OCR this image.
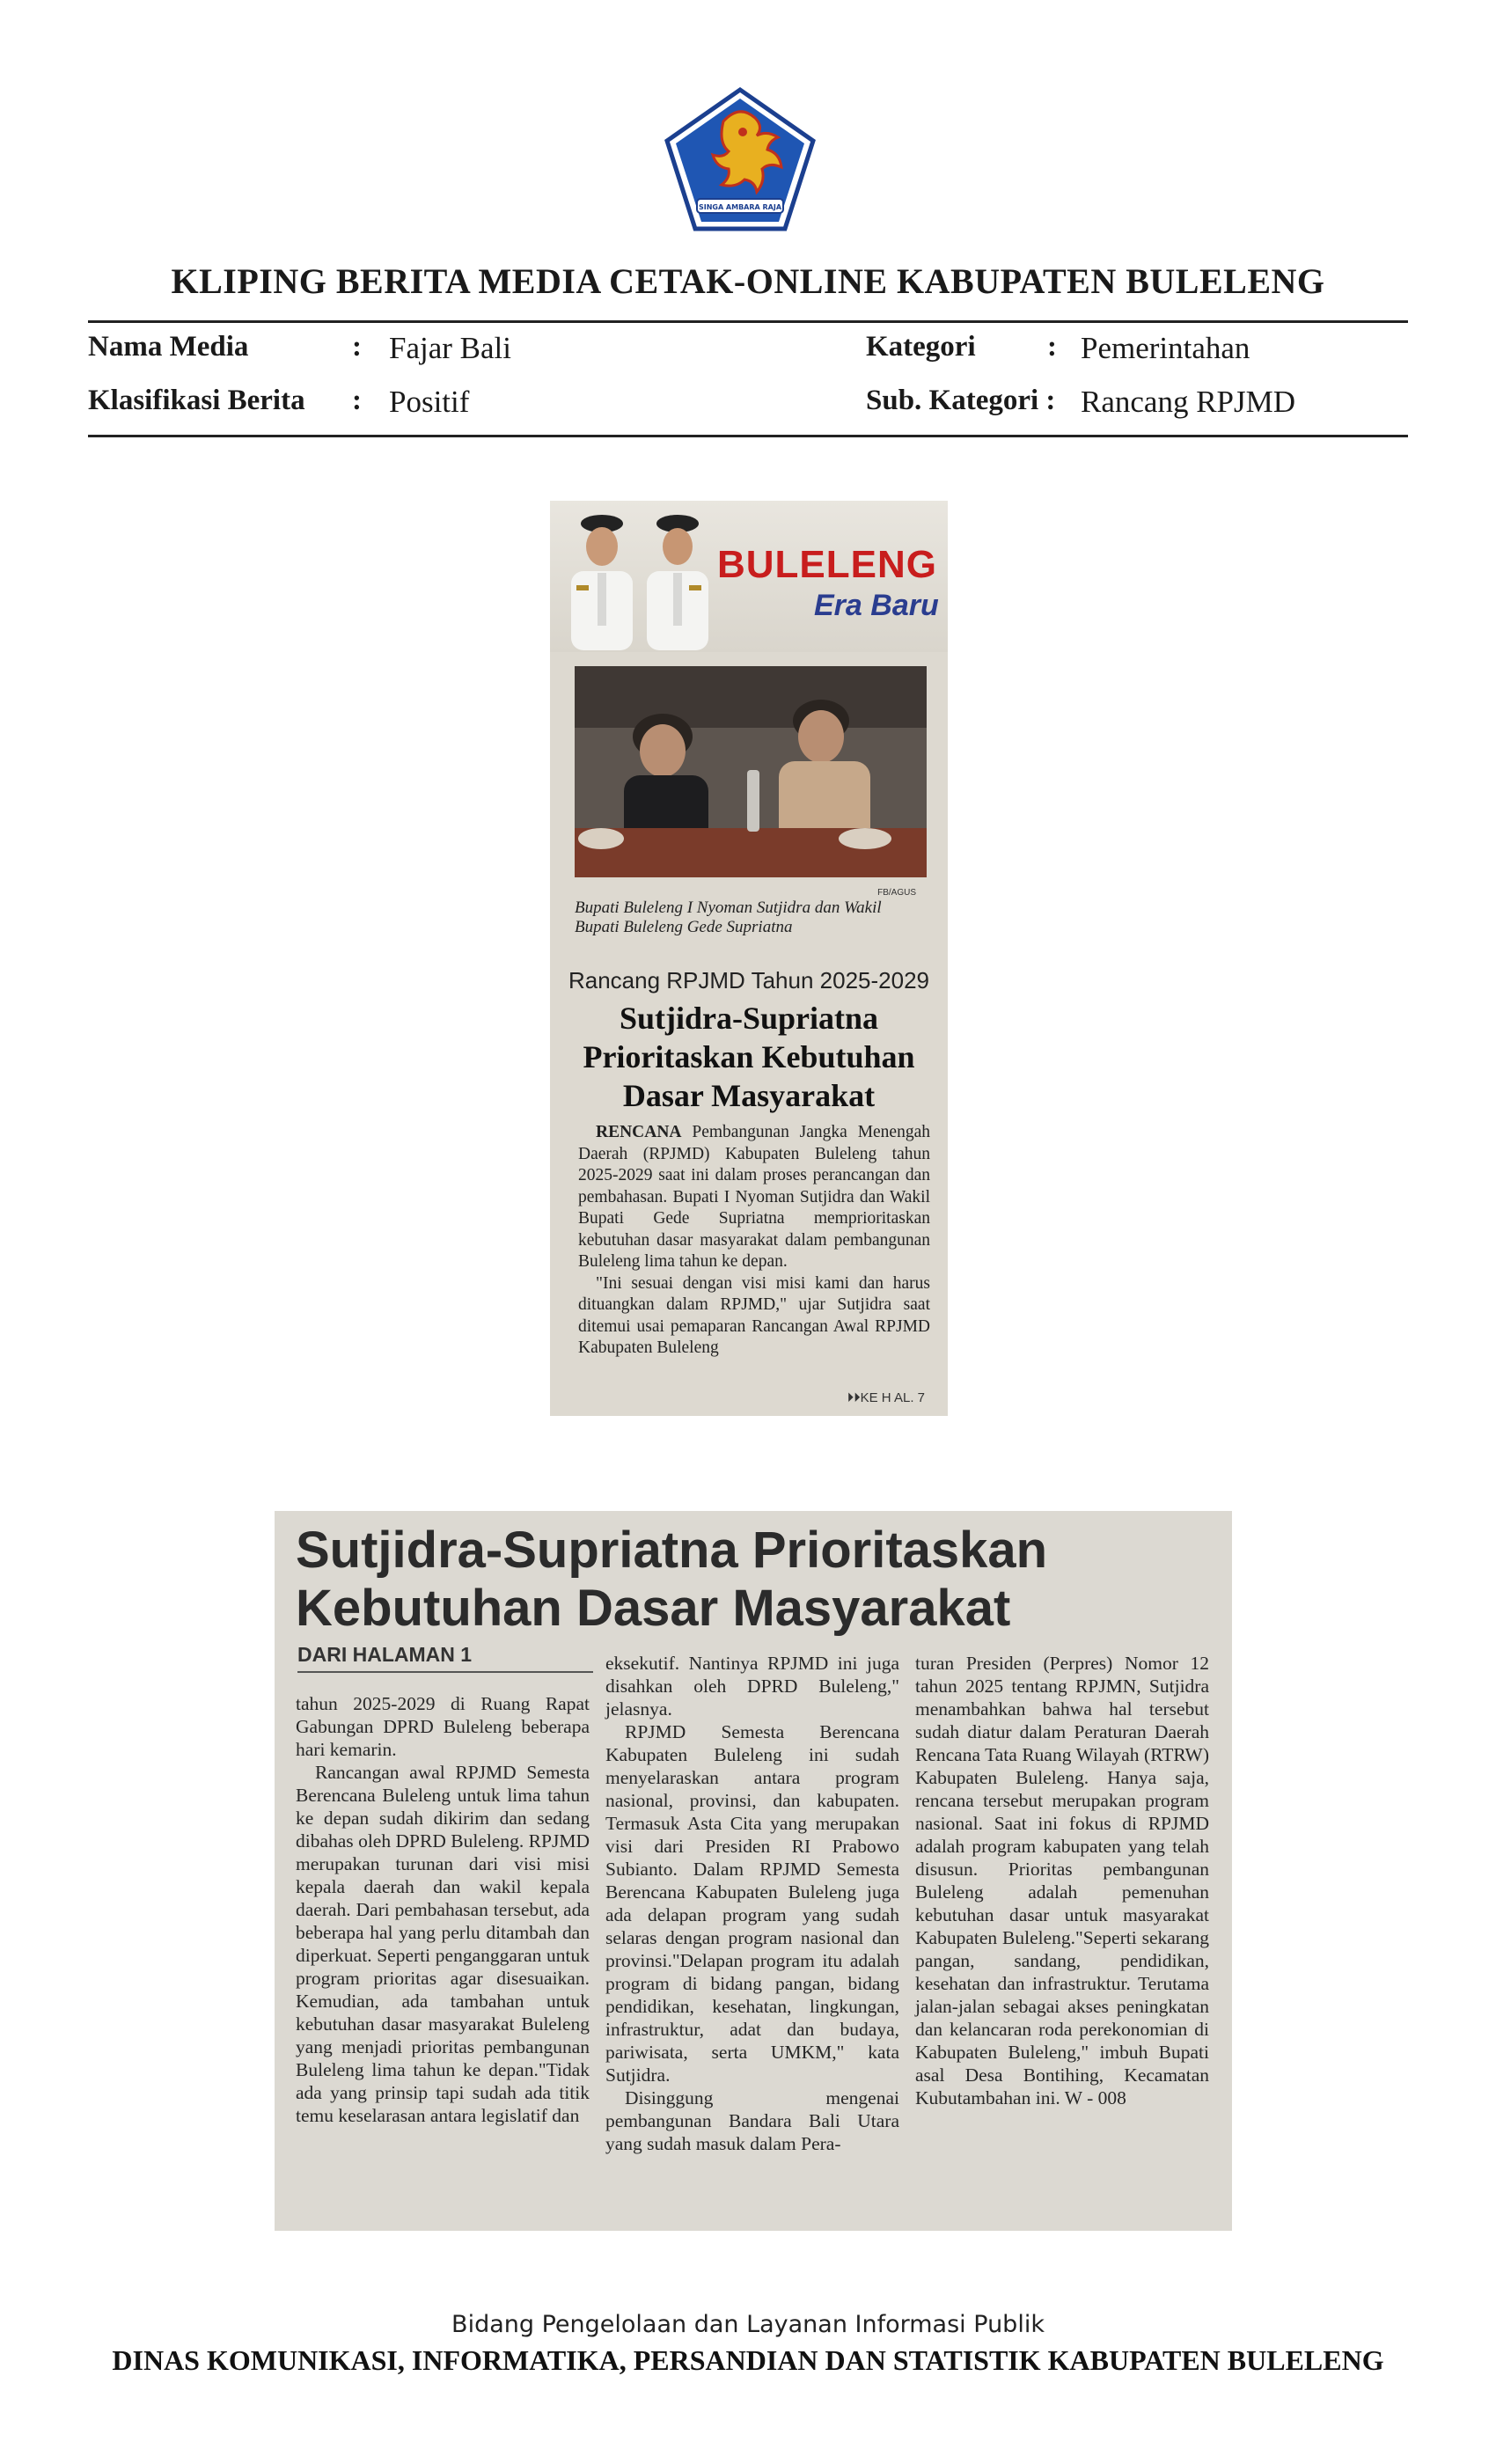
SINGA AMBARA RAJA
KLIPING BERITA MEDIA CETAK-ONLINE KABUPATEN BULELENG
Nama Media	: Fajar Bali	Kategori : Pemerintahan
Klasifikasi Berita : Positif	Sub. Kategori : Rancang RPJMD
BULELENG
Era Baru
FB/AGUS
Bupati Buleleng I Nyoman Sutjidra dan Wakil Bupati Buleleng Gede Supriatna
Rancang RPJMD Tahun 2025-2029
Sutjidra-Supriatna Prioritaskan Kebutuhan Dasar Masyarakat

RENCANA Pembangunan Jangka Menengah Daerah (RPJMD) Kabupaten Buleleng tahun 2025-2029 saat ini dalam proses perancangan dan pembahasan. Bupati I Nyoman Sutjidra dan Wakil Bupati Gede Supriatna memprioritaskan kebutuhan dasar masyarakat dalam pembangunan Buleleng lima tahun ke depan.

"Ini sesuai dengan visi misi kami dan harus dituangkan dalam RPJMD," ujar Sutjidra saat ditemui usai pemaparan Rancangan Awal RPJMD Kabupaten Buleleng

⏵⏵KE H AL. 7
Sutjidra-Supriatna Prioritaskan Kebutuhan Dasar Masyarakat
DARI HALAMAN 1

tahun 2025-2029 di Ruang Rapat Gabungan DPRD Buleleng beberapa hari kemarin.

Rancangan awal RPJMD Semesta Berencana Buleleng untuk lima tahun ke depan sudah dikirim dan sedang dibahas oleh DPRD Buleleng. RPJMD merupakan turunan dari visi misi kepala daerah dan wakil kepala daerah. Dari pembahasan tersebut, ada beberapa hal yang perlu ditambah dan diperkuat. Seperti penganggaran untuk program prioritas agar disesuaikan. Kemudian, ada tambahan untuk kebutuhan dasar masyarakat Buleleng yang menjadi prioritas pembangunan Buleleng lima tahun ke depan."Tidak ada yang prinsip tapi sudah ada titik temu keselarasan antara legislatif dan

eksekutif. Nantinya RPJMD ini juga disahkan oleh DPRD Buleleng," jelasnya.

RPJMD Semesta Berencana Kabupaten Buleleng ini sudah menyelaraskan antara program nasional, provinsi, dan kabupaten. Termasuk Asta Cita yang merupakan visi dari Presiden RI Prabowo Subianto. Dalam RPJMD Semesta Berencana Kabupaten Buleleng juga ada delapan program yang sudah selaras dengan program nasional dan provinsi."Delapan program itu adalah program di bidang pangan, bidang pendidikan, kesehatan, lingkungan, infrastruktur, adat dan budaya, pariwisata, serta UMKM," kata Sutjidra.

Disinggung mengenai pembangunan Bandara Bali Utara yang sudah masuk dalam Pera-

turan Presiden (Perpres) Nomor 12 tahun 2025 tentang RPJMN, Sutjidra menambahkan bahwa hal tersebut sudah diatur dalam Peraturan Daerah Rencana Tata Ruang Wilayah (RTRW) Kabupaten Buleleng. Hanya saja, rencana tersebut merupakan program nasional. Saat ini fokus di RPJMD adalah program kabupaten yang telah disusun. Prioritas pembangunan Buleleng adalah pemenuhan kebutuhan dasar untuk masyarakat Kabupaten Buleleng."Seperti sekarang pangan, sandang, pendidikan, kesehatan dan infrastruktur. Terutama jalan-jalan sebagai akses peningkatan dan kelancaran roda perekonomian di Kabupaten Buleleng," imbuh Bupati asal Desa Bontihing, Kecamatan Kubutambahan ini. W - 008

Bidang Pengelolaan dan Layanan Informasi Publik
DINAS KOMUNIKASI, INFORMATIKA, PERSANDIAN DAN STATISTIK KABUPATEN BULELENG
